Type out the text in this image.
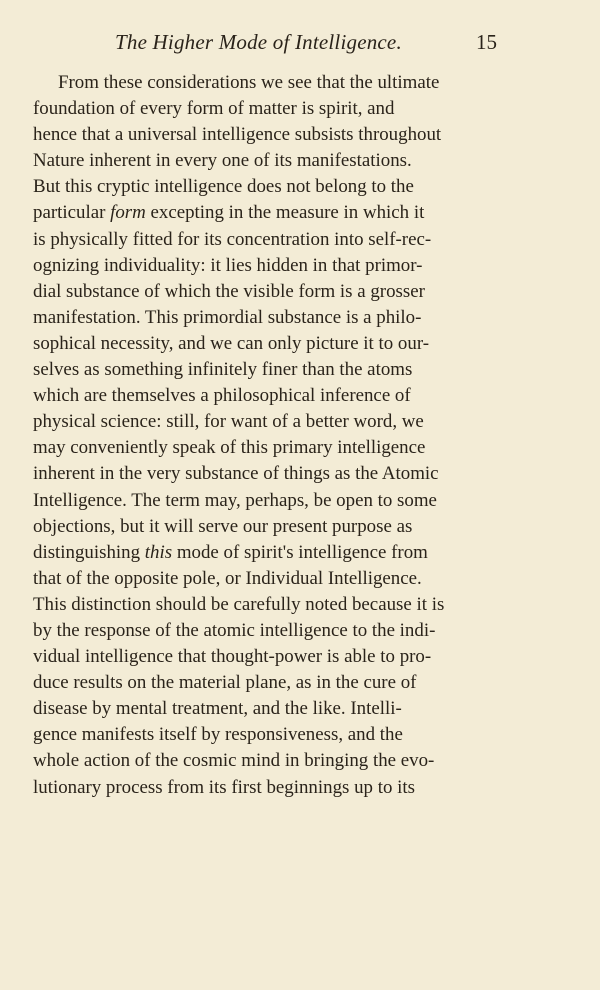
The Higher Mode of Intelligence.	15
From these considerations we see that the ultimate
foundation of every form of matter is spirit, and
hence that a universal intelligence subsists throughout
Nature inherent in every one of its manifestations.
But this cryptic intelligence does not belong to the
particular form excepting in the measure in which it
is physically fitted for its concentration into self-rec-
ognizing individuality: it lies hidden in that primor-
dial substance of which the visible form is a grosser
manifestation. This primordial substance is a philo-
sophical necessity, and we can only picture it to our-
selves as something infinitely finer than the atoms
which are themselves a philosophical inference of
physical science: still, for want of a better word, we
may conveniently speak of this primary intelligence
inherent in the very substance of things as the Atomic
Intelligence. The term may, perhaps, be open to some
objections, but it will serve our present purpose as
distinguishing this mode of spirit's intelligence from
that of the opposite pole, or Individual Intelligence.
This distinction should be carefully noted because it is
by the response of the atomic intelligence to the indi-
vidual intelligence that thought-power is able to pro-
duce results on the material plane, as in the cure of
disease by mental treatment, and the like. Intelli-
gence manifests itself by responsiveness, and the
whole action of the cosmic mind in bringing the evo-
lutionary process from its first beginnings up to its
